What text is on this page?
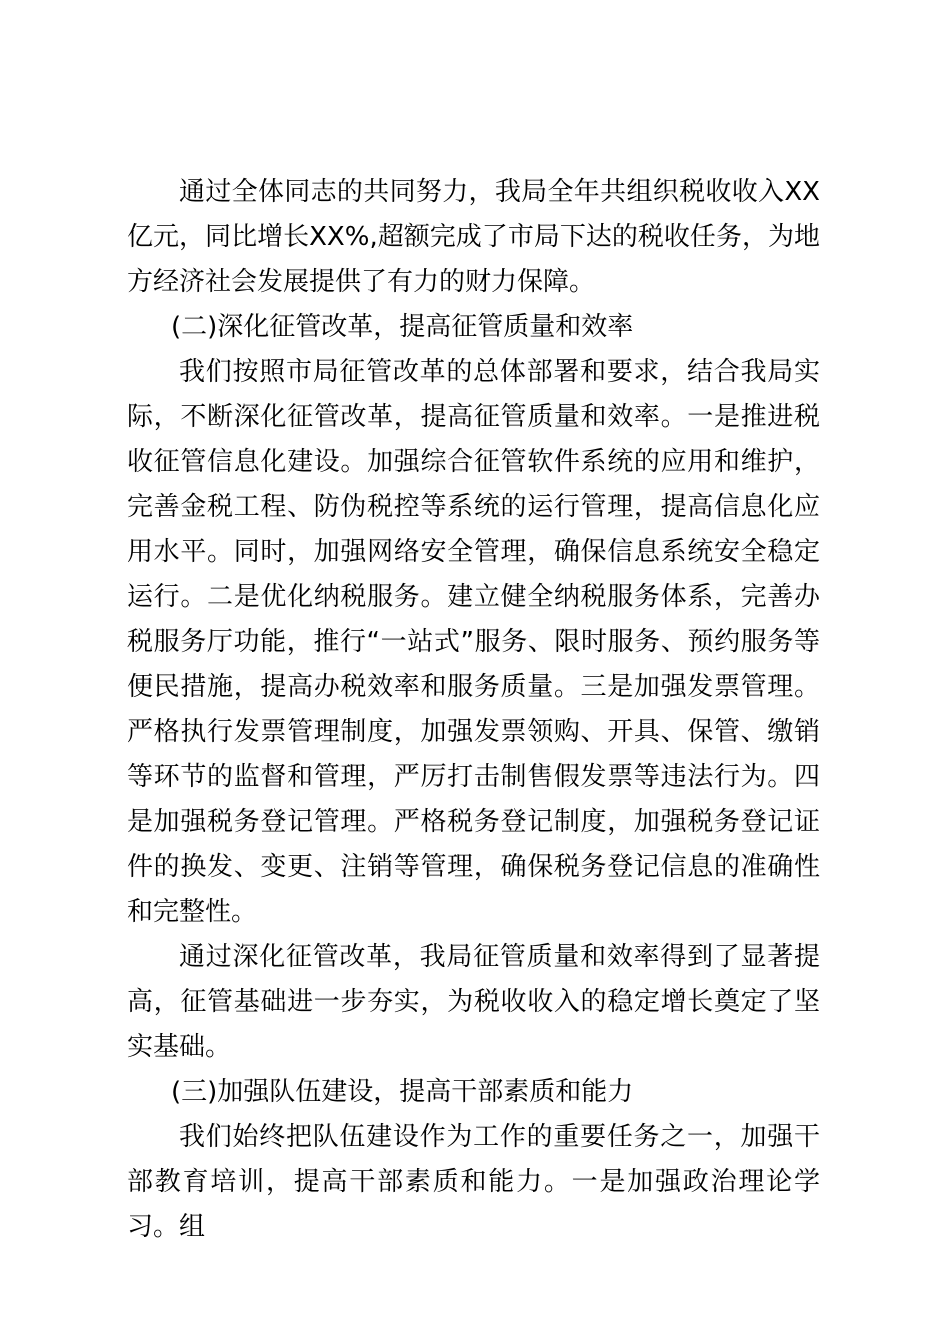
通过全体同志的共同努力，我局全年共组织税收收入XX亿元，同比增长XX%,超额完成了市局下达的税收任务，为地方经济社会发展提供了有力的财力保障。

(二)深化征管改革，提高征管质量和效率

我们按照市局征管改革的总体部署和要求，结合我局实际，不断深化征管改革，提高征管质量和效率。一是推进税收征管信息化建设。加强综合征管软件系统的应用和维护，完善金税工程、防伪税控等系统的运行管理，提高信息化应用水平。同时，加强网络安全管理，确保信息系统安全稳定运行。二是优化纳税服务。建立健全纳税服务体系，完善办税服务厅功能，推行“一站式”服务、限时服务、预约服务等便民措施，提高办税效率和服务质量。三是加强发票管理。严格执行发票管理制度，加强发票领购、开具、保管、缴销等环节的监督和管理，严厉打击制售假发票等违法行为。四是加强税务登记管理。严格税务登记制度，加强税务登记证件的换发、变更、注销等管理，确保税务登记信息的准确性和完整性。

通过深化征管改革，我局征管质量和效率得到了显著提高，征管基础进一步夯实，为税收收入的稳定增长奠定了坚实基础。

(三)加强队伍建设，提高干部素质和能力

我们始终把队伍建设作为工作的重要任务之一，加强干部教育培训，提高干部素质和能力。一是加强政治理论学习。组
